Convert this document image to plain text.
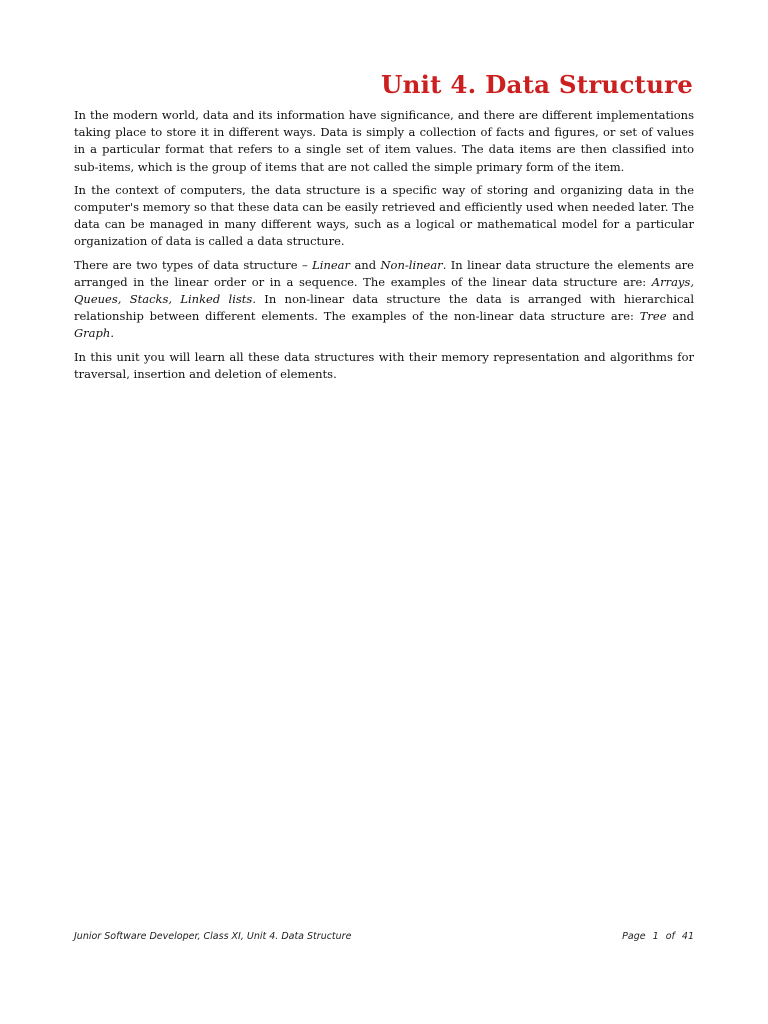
Unit 4. Data Structure

In the modern world, data and its information have significance, and there are different implementations taking place to store it in different ways. Data is simply a collection of facts and figures, or set of values in a particular format that refers to a single set of item values. The data items are then classified into sub-items, which is the group of items that are not called the simple primary form of the item.

In the context of computers, the data structure is a specific way of storing and organizing data in the computer's memory so that these data can be easily retrieved and efficiently used when needed later. The data can be managed in many different ways, such as a logical or mathematical model for a particular organization of data is called a data structure.

There are two types of data structure – Linear and Non-linear. In linear data structure the elements are arranged in the linear order or in a sequence. The examples of the linear data structure are: Arrays, Queues, Stacks, Linked lists. In non-linear data structure the data is arranged with hierarchical relationship between different elements. The examples of the non-linear data structure are: Tree and Graph.

In this unit you will learn all these data structures with their memory representation and algorithms for traversal, insertion and deletion of elements.

Junior Software Developer, Class XI, Unit 4. Data Structure	Page 1 of 41
